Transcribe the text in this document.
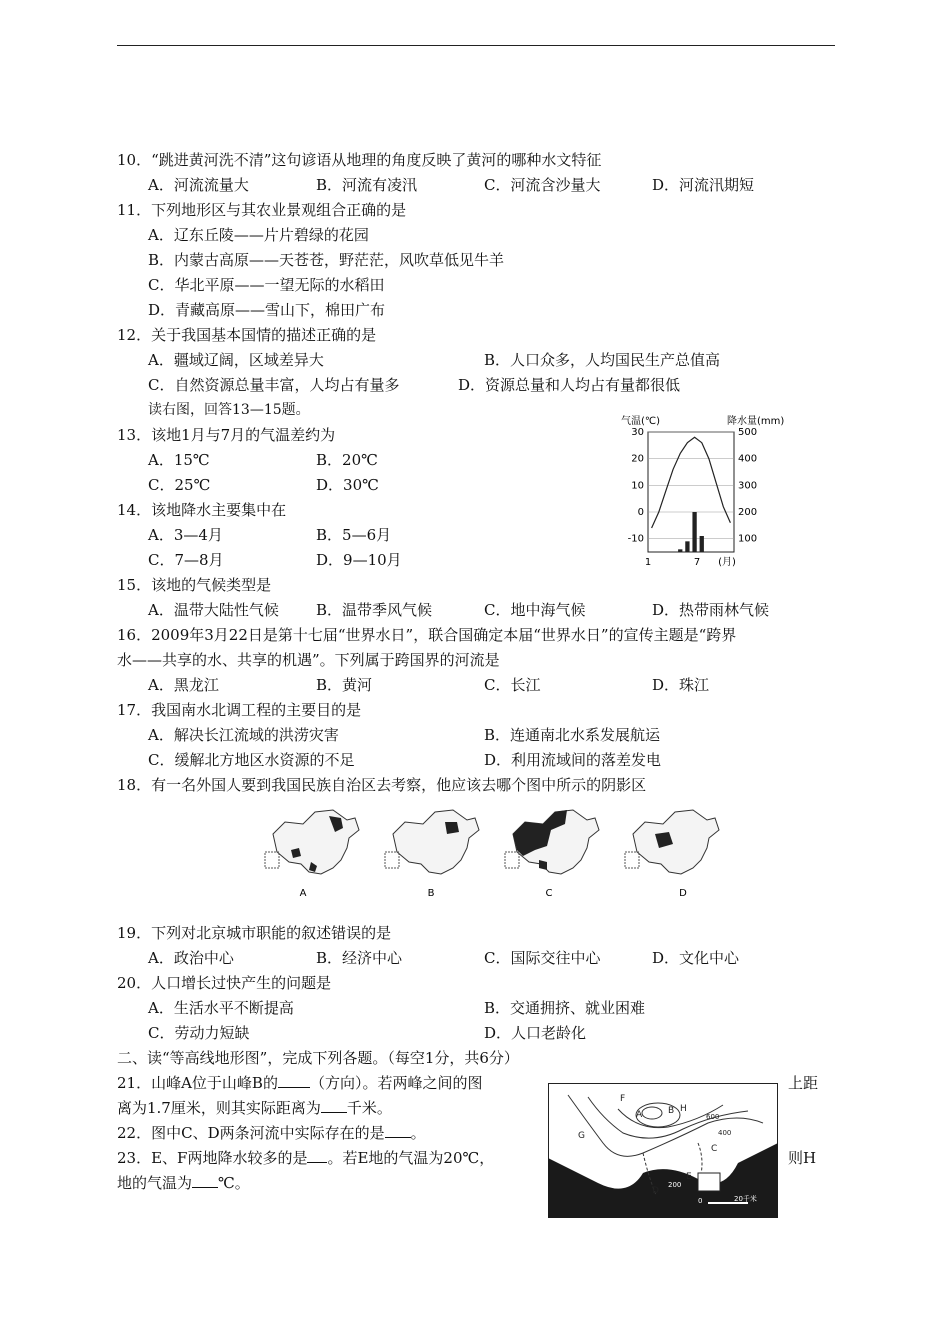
10．“跳进黄河洗不清”这句谚语从地理的角度反映了黄河的哪种水文特征
A．河流流量大	B．河流有凌汛	C．河流含沙量大	D．河流汛期短
11．下列地形区与其农业景观组合正确的是
A．辽东丘陵——片片碧绿的花园
B．内蒙古高原——天苍苍，野茫茫，风吹草低见牛羊
C．华北平原——一望无际的水稻田
D．青藏高原——雪山下，棉田广布
12．关于我国基本国情的描述正确的是
A．疆域辽阔，区域差异大	B．人口众多，人均国民生产总值高
C．自然资源总量丰富，人均占有量多	D．资源总量和人均占有量都很低
读右图，回答13—15题。
13．该地1月与7月的气温差约为
A．15℃	B．20℃
C．25℃	D．30℃
14．该地降水主要集中在
A．3—4月	B．5—6月
C．7—8月	D．9—10月
15．该地的气候类型是
A．温带大陆性气候 B．温带季风气候	C．地中海气候	D．热带雨林气候
气温(℃)	降水量(mm)
30
20
10
0
-10
500
400
300
200
100
1	7 (月)
16．2009年3月22日是第十七届“世界水日”，联合国确定本届“世界水日”的宣传主题是“跨界
水——共享的水、共享的机遇”。下列属于跨国界的河流是
A．黑龙江	B．黄河	C．长江	D．珠江
17．我国南水北调工程的主要目的是
A．解决长江流域的洪涝灾害	B．连通南北水系发展航运
C．缓解北方地区水资源的不足	D．利用流域间的落差发电
18．有一名外国人要到我国民族自治区去考察，他应该去哪个图中所示的阴影区
A	B	C	D
19．下列对北京城市职能的叙述错误的是
A．政治中心	B．经济中心	C．国际交往中心	D．文化中心
20．人口增长过快产生的问题是
A．生活水平不断提高	B．交通拥挤、就业困难
C．劳动力短缺	D．人口老龄化
二、读“等高线地形图”，完成下列各题。（每空1分，共6分）
21．山峰A位于山峰B的 （方向）。若两峰之间的图	上距
离为1.7厘米，则其实际距离为 千米。
22．图中C、D两条河流中实际存在的是 。
23．E、F两地降水较多的是 。若E地的气温为20℃，	则H
地的气温为 ℃。
F
G
A	B H
C
E
D
600
400
200
0	20千米
